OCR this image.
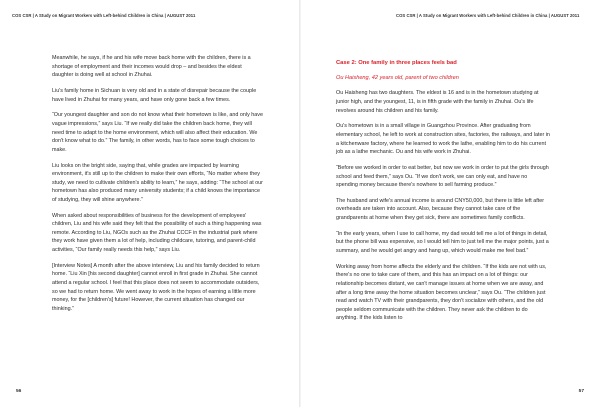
COS CSR | A Study on Migrant Workers with Left-behind Children in China | AUGUST 2011

Meanwhile, he says, if he and his wife move back home with the children, there is a shortage of employment and their incomes would drop – and besides the eldest daughter is doing well at school in Zhuhai.

Liu's family home in Sichuan is very old and in a state of disrepair because the couple have lived in Zhuhai for many years, and have only gone back a few times.

“Our youngest daughter and son do not know what their hometown is like, and only have vague impressions,” says Liu. “If we really did take the children back home, they will need time to adapt to the home environment, which will also affect their education. We don't know what to do.” The family, in other words, has to face some tough choices to make.

Liu looks on the bright side, saying that, while grades are impacted by learning environment, it's still up to the children to make their own efforts, “No matter where they study, we need to cultivate children's ability to learn,” he says, adding: “The school at our hometown has also produced many university students; if a child knows the importance of studying, they will shine anywhere.”

When asked about responsibilities of business for the development of employees' children, Liu and his wife said they felt that the possibility of such a thing happening was remote. According to Liu, NGOs such as the Zhuhai CCCF in the industrial park where they work have given them a lot of help, including childcare, tutoring, and parent-child activities, “Our family really needs this help,” says Liu.

[Interview Notes] A month after the above interview, Liu and his family decided to return home. “Liu Xin [his second daughter] cannot enroll in first grade in Zhuhai. She cannot attend a regular school. I feel that this place does not seem to accommodate outsiders, so we had to return home. We went away to work in the hopes of earning a little more money, for the [children's] future! However, the current situation has changed our thinking.”

56
COS CSR | A Study on Migrant Workers with Left-behind Children in China | AUGUST 2011

Case 2: One family in three places feels bad

Ou Haisheng, 42 years old, parent of two children

Ou Haisheng has two daughters. The eldest is 16 and is in the hometown studying at junior high, and the youngest, 11, is in fifth grade with the family in Zhuhai. Ou's life revolves around his children and his family.

Ou's hometown is in a small village in Guangzhou Province. After graduating from elementary school, he left to work at construction sites, factories, the railways, and later in a kitchenware factory, where he learned to work the lathe, enabling him to do his current job as a lathe mechanic. Ou and his wife work in Zhuhai.

“Before we worked in order to eat better, but now we work in order to put the girls through school and feed them,” says Ou. “If we don't work, we can only eat, and have no spending money because there's nowhere to sell farming produce.”

The husband and wife's annual income is around CNY50,000, but there is little left after overheads are taken into account. Also, because they cannot take care of the grandparents at home when they get sick, there are sometimes family conflicts.

“In the early years, when I use to call home, my dad would tell me a lot of things in detail, but the phone bill was expensive, so I would tell him to just tell me the major points, just a summary, and he would get angry and hang up, which would make me feel bad.”

Working away from home affects the elderly and the children. “If the kids are not with us, there's no one to take care of them, and this has an impact on a lot of things: our relationship becomes distant, we can't manage issues at home when we are away, and after a long time away the home situation becomes unclear,” says Ou. “The children just read and watch TV with their grandparents, they don't socialize with others, and the old people seldom communicate with the children. They never ask the children to do anything. If the kids listen to

57
